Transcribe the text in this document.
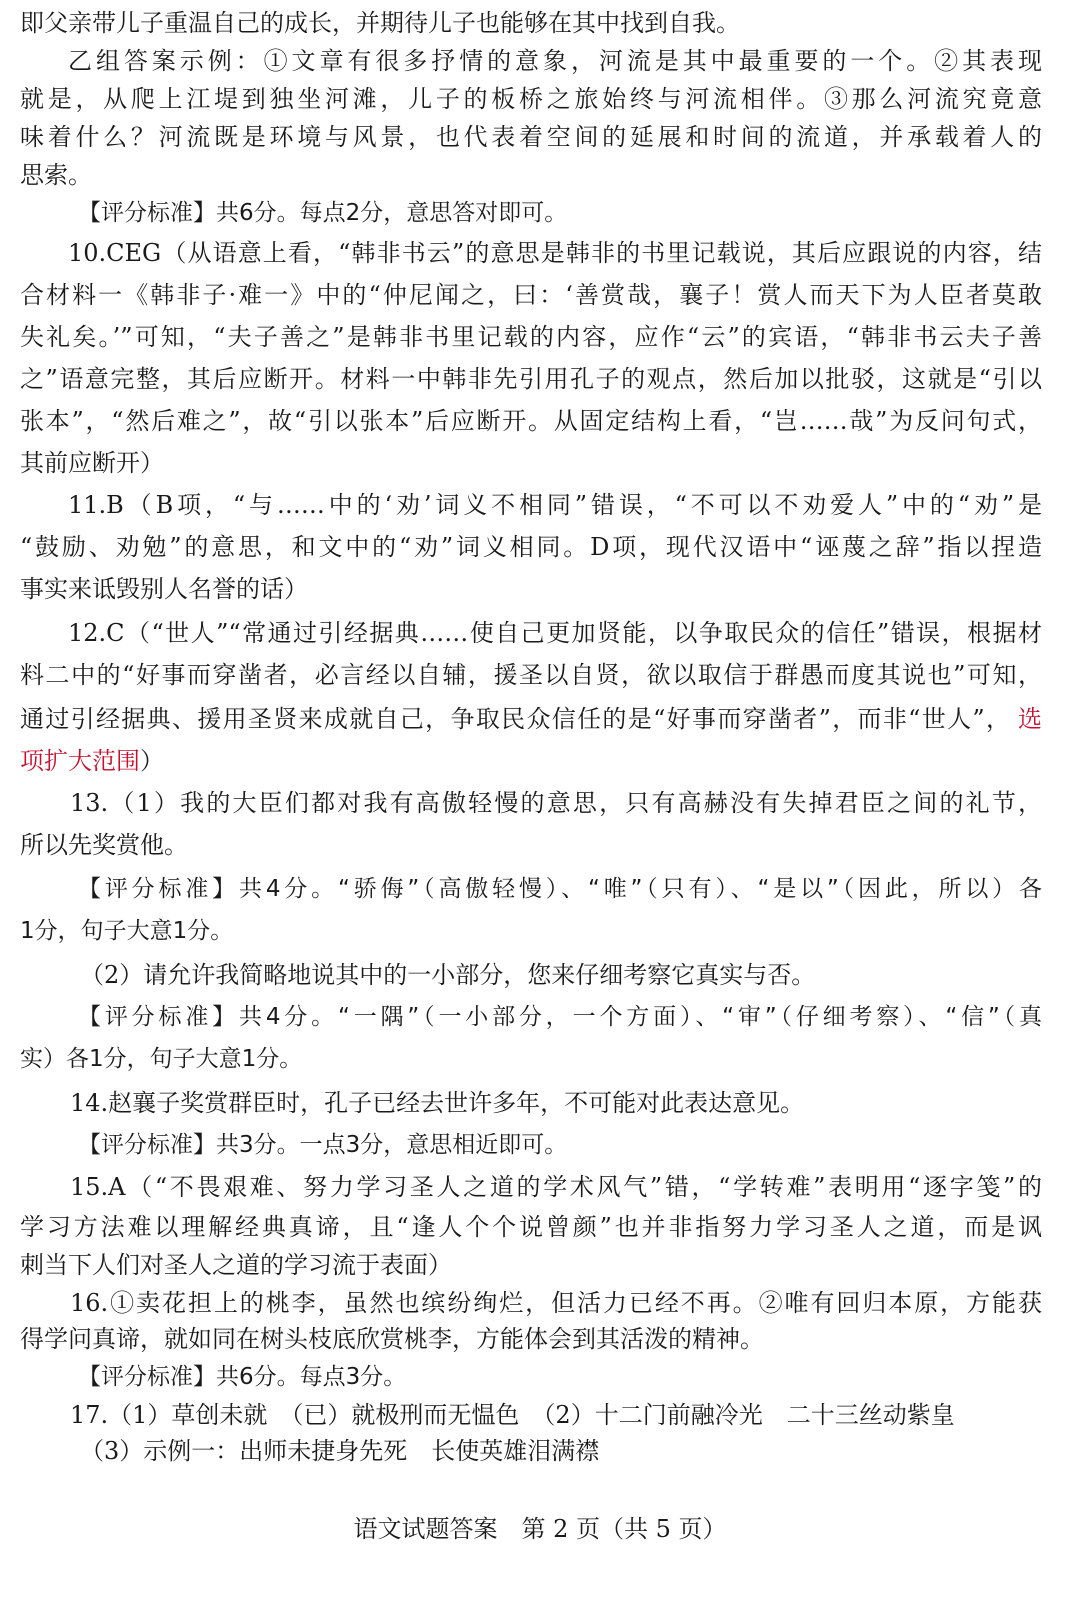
即父亲带儿子重温自己的成长，并期待儿子也能够在其中找到自我。
乙组答案示例：①文章有很多抒情的意象，河流是其中最重要的一个。②其表现
就是，从爬上江堤到独坐河滩，儿子的板桥之旅始终与河流相伴。③那么河流究竟意
味着什么？河流既是环境与风景，也代表着空间的延展和时间的流道，并承载着人的
思索。
【评分标准】共6分。每点2分，意思答对即可。
10.CEG（从语意上看，“韩非书云”的意思是韩非的书里记载说，其后应跟说的内容，结
合材料一《韩非子·难一》中的“仲尼闻之，曰：‘善赏哉，襄子！赏人而天下为人臣者莫敢
失礼矣。’”可知，“夫子善之”是韩非书里记载的内容，应作“云”的宾语，“韩非书云夫子善
之”语意完整，其后应断开。材料一中韩非先引用孔子的观点，然后加以批驳，这就是“引以
张本”，“然后难之”，故“引以张本”后应断开。从固定结构上看，“岂……哉”为反问句式，
其前应断开）
11.B（B项，“与……中的‘劝’词义不相同”错误，“不可以不劝爱人”中的“劝”是
“鼓励、劝勉”的意思，和文中的“劝”词义相同。D项，现代汉语中“诬蔑之辞”指以捏造
事实来诋毁别人名誉的话）
12.C（“世人”“常通过引经据典……使自己更加贤能，以争取民众的信任”错误，根据材
料二中的“好事而穿凿者，必言经以自辅，援圣以自贤，欲以取信于群愚而度其说也”可知，
通过引经据典、援用圣贤来成就自己，争取民众信任的是“好事而穿凿者”，而非“世人”， 选
项扩大范围）
13.（1）我的大臣们都对我有高傲轻慢的意思，只有高赫没有失掉君臣之间的礼节，
所以先奖赏他。
【评分标准】共4分。“骄侮”（高傲轻慢）、“唯”（只有）、“是以”（因此，所以）各
1分，句子大意1分。
（2）请允许我简略地说其中的一小部分，您来仔细考察它真实与否。
【评分标准】共4分。“一隅”（一小部分，一个方面）、“审”（仔细考察）、“信”（真
实）各1分，句子大意1分。
14.赵襄子奖赏群臣时，孔子已经去世许多年，不可能对此表达意见。
【评分标准】共3分。一点3分，意思相近即可。
15.A（“不畏艰难、努力学习圣人之道的学术风气”错，“学转难”表明用“逐字笺”的
学习方法难以理解经典真谛，且“逢人个个说曾颜”也并非指努力学习圣人之道，而是讽
刺当下人们对圣人之道的学习流于表面）
16.①卖花担上的桃李，虽然也缤纷绚烂，但活力已经不再。②唯有回归本原，方能获
得学问真谛，就如同在树头枝底欣赏桃李，方能体会到其活泼的精神。
【评分标准】共6分。每点3分。
17.（1）草创未就　（已）就极刑而无愠色　（2）十二门前融冷光　二十三丝动紫皇
（3）示例一：出师未捷身先死　长使英雄泪满襟
语文试题答案　第 2 页（共 5 页）
